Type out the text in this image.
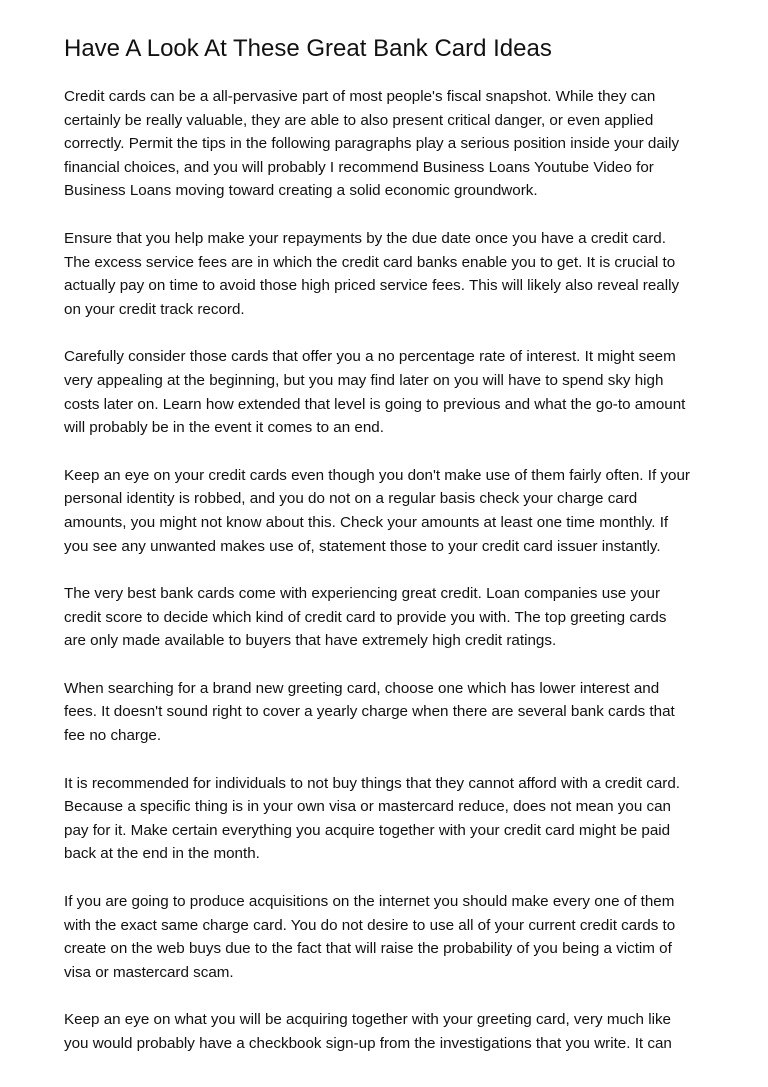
Have A Look At These Great Bank Card Ideas

Credit cards can be a all-pervasive part of most people's fiscal snapshot. While they can
certainly be really valuable, they are able to also present critical danger, or even applied
correctly. Permit the tips in the following paragraphs play a serious position inside your daily
financial choices, and you will probably I recommend Business Loans Youtube Video for
Business Loans moving toward creating a solid economic groundwork.

Ensure that you help make your repayments by the due date once you have a credit card.
The excess service fees are in which the credit card banks enable you to get. It is crucial to
actually pay on time to avoid those high priced service fees. This will likely also reveal really
on your credit track record.

Carefully consider those cards that offer you a no percentage rate of interest. It might seem
very appealing at the beginning, but you may find later on you will have to spend sky high
costs later on. Learn how extended that level is going to previous and what the go-to amount
will probably be in the event it comes to an end.

Keep an eye on your credit cards even though you don't make use of them fairly often. If your
personal identity is robbed, and you do not on a regular basis check your charge card
amounts, you might not know about this. Check your amounts at least one time monthly. If
you see any unwanted makes use of, statement those to your credit card issuer instantly.

The very best bank cards come with experiencing great credit. Loan companies use your
credit score to decide which kind of credit card to provide you with. The top greeting cards
are only made available to buyers that have extremely high credit ratings.

When searching for a brand new greeting card, choose one which has lower interest and
fees. It doesn't sound right to cover a yearly charge when there are several bank cards that
fee no charge.

It is recommended for individuals to not buy things that they cannot afford with a credit card.
Because a specific thing is in your own visa or mastercard reduce, does not mean you can
pay for it. Make certain everything you acquire together with your credit card might be paid
back at the end in the month.

If you are going to produce acquisitions on the internet you should make every one of them
with the exact same charge card. You do not desire to use all of your current credit cards to
create on the web buys due to the fact that will raise the probability of you being a victim of
visa or mastercard scam.

Keep an eye on what you will be acquiring together with your greeting card, very much like
you would probably have a checkbook sign-up from the investigations that you write. It can
